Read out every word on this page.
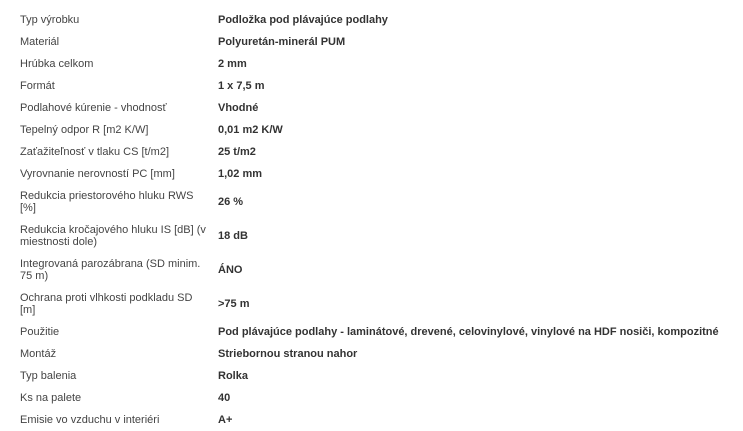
Typ výrobku	Podložka pod plávajúce podlahy
Materiál	Polyuretán-minerál PUM
Hrúbka celkom	2 mm
Formát	1 x 7,5 m
Podlahové kúrenie - vhodnosť	Vhodné
Tepelný odpor R [m2 K/W]	0,01 m2 K/W
Zaťažiteľnosť v tlaku CS [t/m2]	25 t/m2
Vyrovnanie nerovností PC [mm]	1,02 mm
Redukcia priestorového hluku RWS [%]	26 %
Redukcia kročajového hluku IS [dB] (v miestnosti dole)	18 dB
Integrovaná parozábrana (SD minim. 75 m)	ÁNO
Ochrana proti vlhkosti podkladu SD [m]	>75 m
Použitie	Pod plávajúce podlahy - laminátové, drevené, celovinylové, vinylové na HDF nosiči, kompozitné
Montáž	Striebornou stranou nahor
Typ balenia	Rolka
Ks na palete	40
Emisie vo vzduchu v interiéri	A+
